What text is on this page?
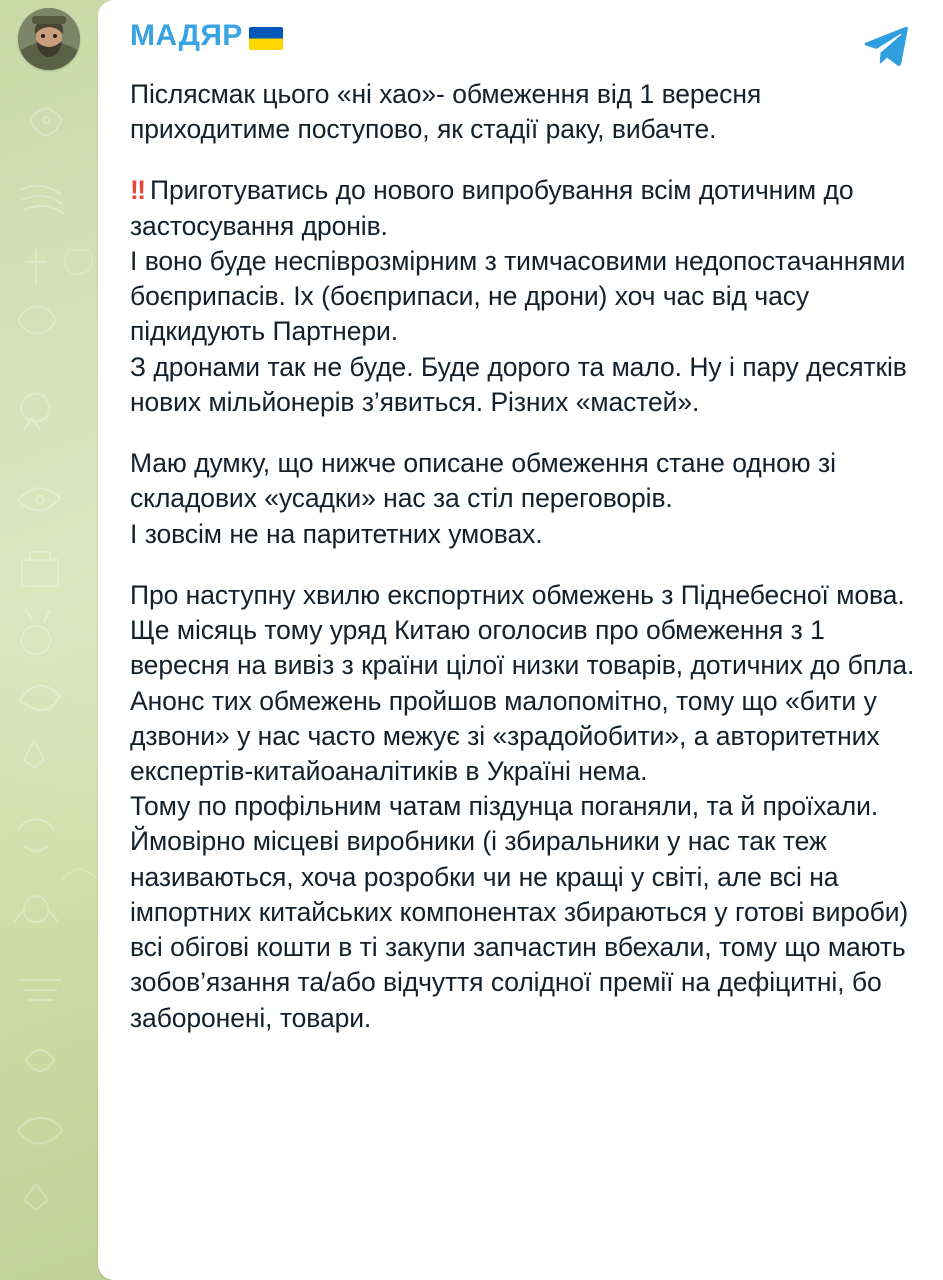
МАДЯР

Післясмак цього «ні хао»- обмеження від 1 вересня приходитиме поступово, як стадії раку, вибачте.

‼ Приготуватись до нового випробування всім дотичним до застосування дронів.

І воно буде неспіврозмірним з тимчасовими недопостачаннями боєприпасів. Іх (боєприпаси, не дрони) хоч час від часу підкидують Партнери.

З дронами так не буде. Буде дорого та мало. Ну і пару десятків нових мільйонерів з’явиться. Різних «мастей».

Маю думку, що нижче описане обмеження стане одною зі складових «усадки» нас за стіл переговорів.

І зовсім не на паритетних умовах.

Про наступну хвилю експортних обмежень з Піднебесної мова.

Ще місяць тому уряд Китаю оголосив про обмеження з 1 вересня на вивіз з країни цілої низки товарів, дотичних до бпла.

Анонс тих обмежень пройшов малопомітно, тому що «бити у дзвони» у нас часто межує зі «зрадойобити», а авторитетних експертів-китайоаналітиків в Україні нема.

Тому по профільним чатам піздунца поганяли, та й проїхали. Ймовірно місцеві виробники (і збиральники у нас так теж називаються, хоча розробки чи не кращі у світі, але всі на імпортних китайських компонентах збираються у готові вироби) всі обігові кошти в ті закупи запчастин вбехали, тому що мають зобов’язання та/або відчуття солідної премії на дефіцитні, бо заборонені, товари.
